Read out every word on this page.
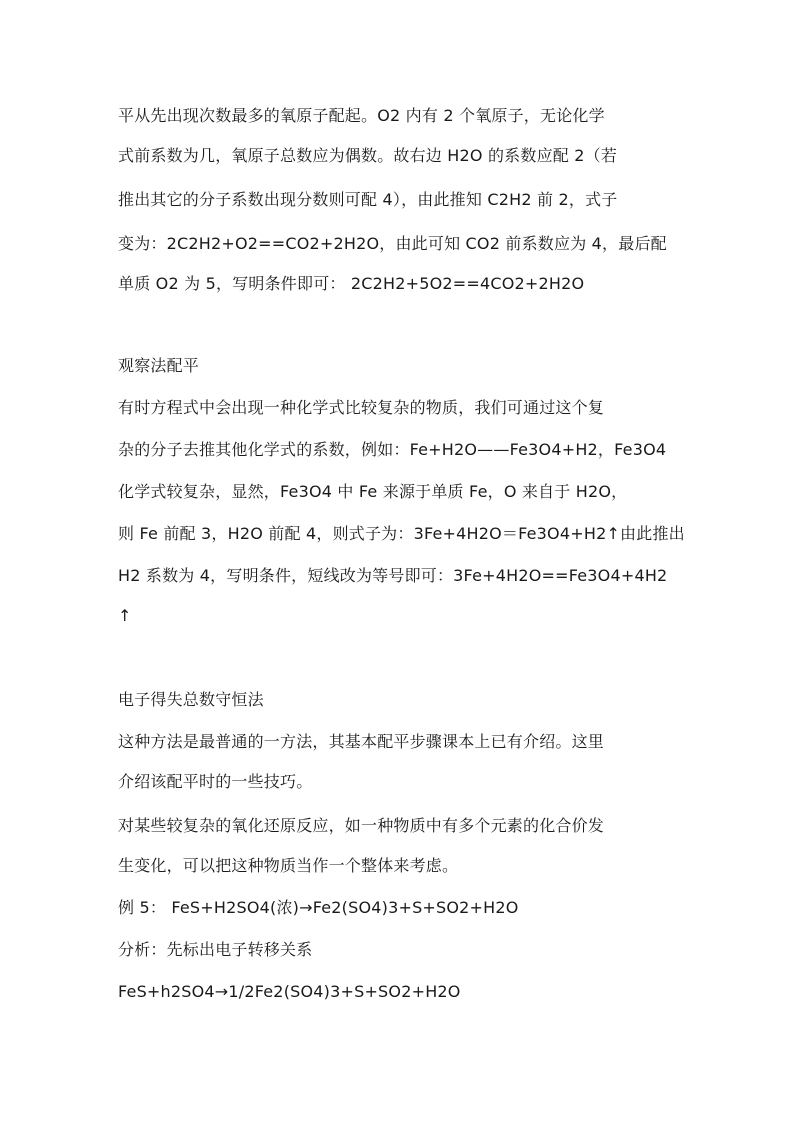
平从先出现次数最多的氧原子配起。O2 内有 2 个氧原子，无论化学
式前系数为几，氧原子总数应为偶数。故右边 H2O 的系数应配 2（若
推出其它的分子系数出现分数则可配 4），由此推知 C2H2 前 2，式子
变为：2C2H2+O2==CO2+2H2O，由此可知 CO2 前系数应为 4，最后配
单质 O2 为 5，写明条件即可： 2C2H2+5O2==4CO2+2H2O
观察法配平
有时方程式中会出现一种化学式比较复杂的物质，我们可通过这个复
杂的分子去推其他化学式的系数，例如：Fe+H2O——Fe3O4+H2，Fe3O4
化学式较复杂，显然，Fe3O4 中 Fe 来源于单质 Fe，O 来自于 H2O，
则 Fe 前配 3，H2O 前配 4，则式子为：3Fe+4H2O＝Fe3O4+H2↑由此推出
H2 系数为 4，写明条件，短线改为等号即可：3Fe+4H2O==Fe3O4+4H2
↑
电子得失总数守恒法
这种方法是最普通的一方法，其基本配平步骤课本上已有介绍。这里
介绍该配平时的一些技巧。
对某些较复杂的氧化还原反应，如一种物质中有多个元素的化合价发
生变化，可以把这种物质当作一个整体来考虑。
例 5： FeS+H2SO4(浓)→Fe2(SO4)3+S+SO2+H2O
分析：先标出电子转移关系
FeS+h2SO4→1/2Fe2(SO4)3+S+SO2+H2O
